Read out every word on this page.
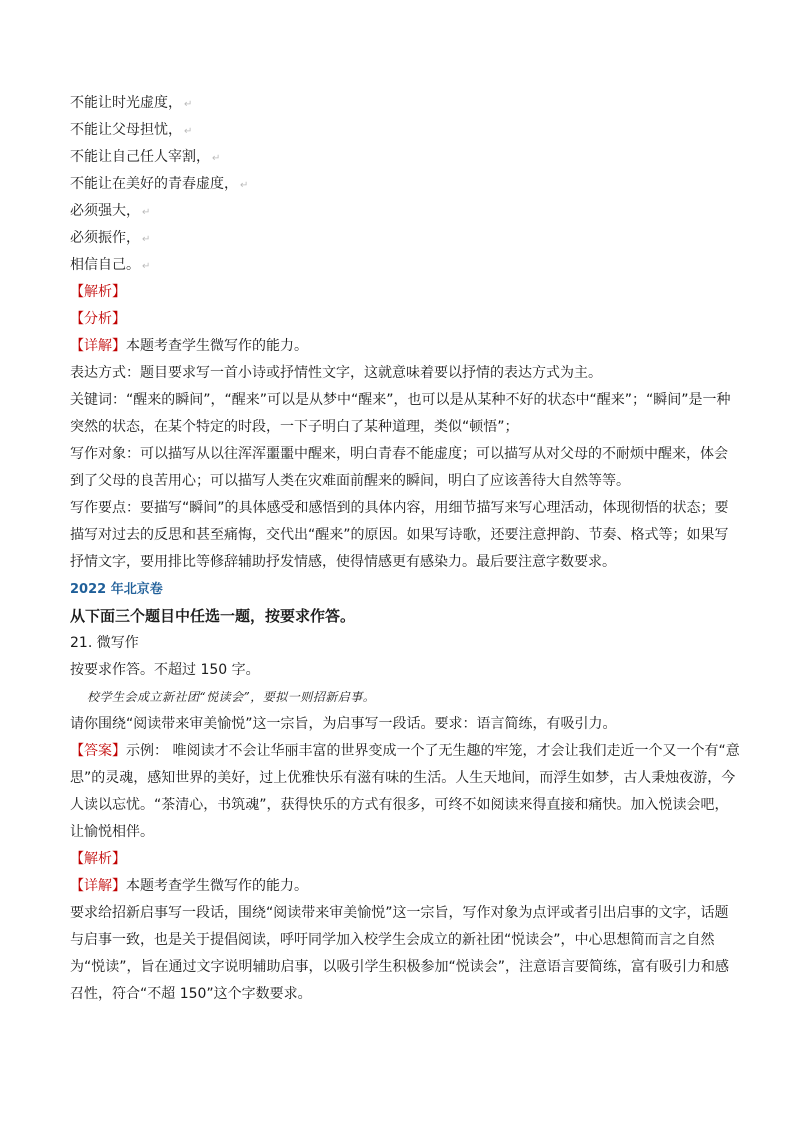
不能让时光虚度， ↵
不能让父母担忧， ↵
不能让自己任人宰割， ↵
不能让在美好的青春虚度， ↵
必须强大， ↵
必须振作， ↵
相信自己。 ↵
【解析】
【分析】
【详解】本题考查学生微写作的能力。
表达方式：题目要求写一首小诗或抒情性文字，这就意味着要以抒情的表达方式为主。
关键词：“醒来的瞬间”，“醒来”可以是从梦中“醒来”，也可以是从某种不好的状态中“醒来”；“瞬间”是一种突然的状态，在某个特定的时段，一下子明白了某种道理，类似“顿悟”；
写作对象：可以描写从以往浑浑噩噩中醒来，明白青春不能虚度；可以描写从对父母的不耐烦中醒来，体会到了父母的良苦用心；可以描写人类在灾难面前醒来的瞬间，明白了应该善待大自然等等。
写作要点：要描写“瞬间”的具体感受和感悟到的具体内容，用细节描写来写心理活动，体现彻悟的状态；要描写对过去的反思和甚至痛悔，交代出“醒来”的原因。如果写诗歌，还要注意押韵、节奏、格式等；如果写抒情文字，要用排比等修辞辅助抒发情感，使得情感更有感染力。最后要注意字数要求。
2022 年北京卷
从下面三个题目中任选一题，按要求作答。
21. 微写作
按要求作答。不超过 150 字。
校学生会成立新社团“悦读会”，要拟一则招新启事。
请你围绕“阅读带来审美愉悦”这一宗旨，为启事写一段话。要求：语言简练，有吸引力。
【答案】示例： 唯阅读才不会让华丽丰富的世界变成一个了无生趣的牢笼，才会让我们走近一个又一个有“意思”的灵魂，感知世界的美好，过上优雅快乐有滋有味的生活。人生天地间，而浮生如梦，古人秉烛夜游，今人读以忘忧。“茶清心，书筑魂”，获得快乐的方式有很多，可终不如阅读来得直接和痛快。加入悦读会吧，让愉悦相伴。
【解析】
【详解】本题考查学生微写作的能力。
要求给招新启事写一段话，围绕“阅读带来审美愉悦”这一宗旨，写作对象为点评或者引出启事的文字，话题与启事一致，也是关于提倡阅读，呼吁同学加入校学生会成立的新社团“悦读会”，中心思想简而言之自然为“悦读”，旨在通过文字说明辅助启事，以吸引学生积极参加“悦读会”，注意语言要简练，富有吸引力和感召性，符合“不超 150”这个字数要求。
